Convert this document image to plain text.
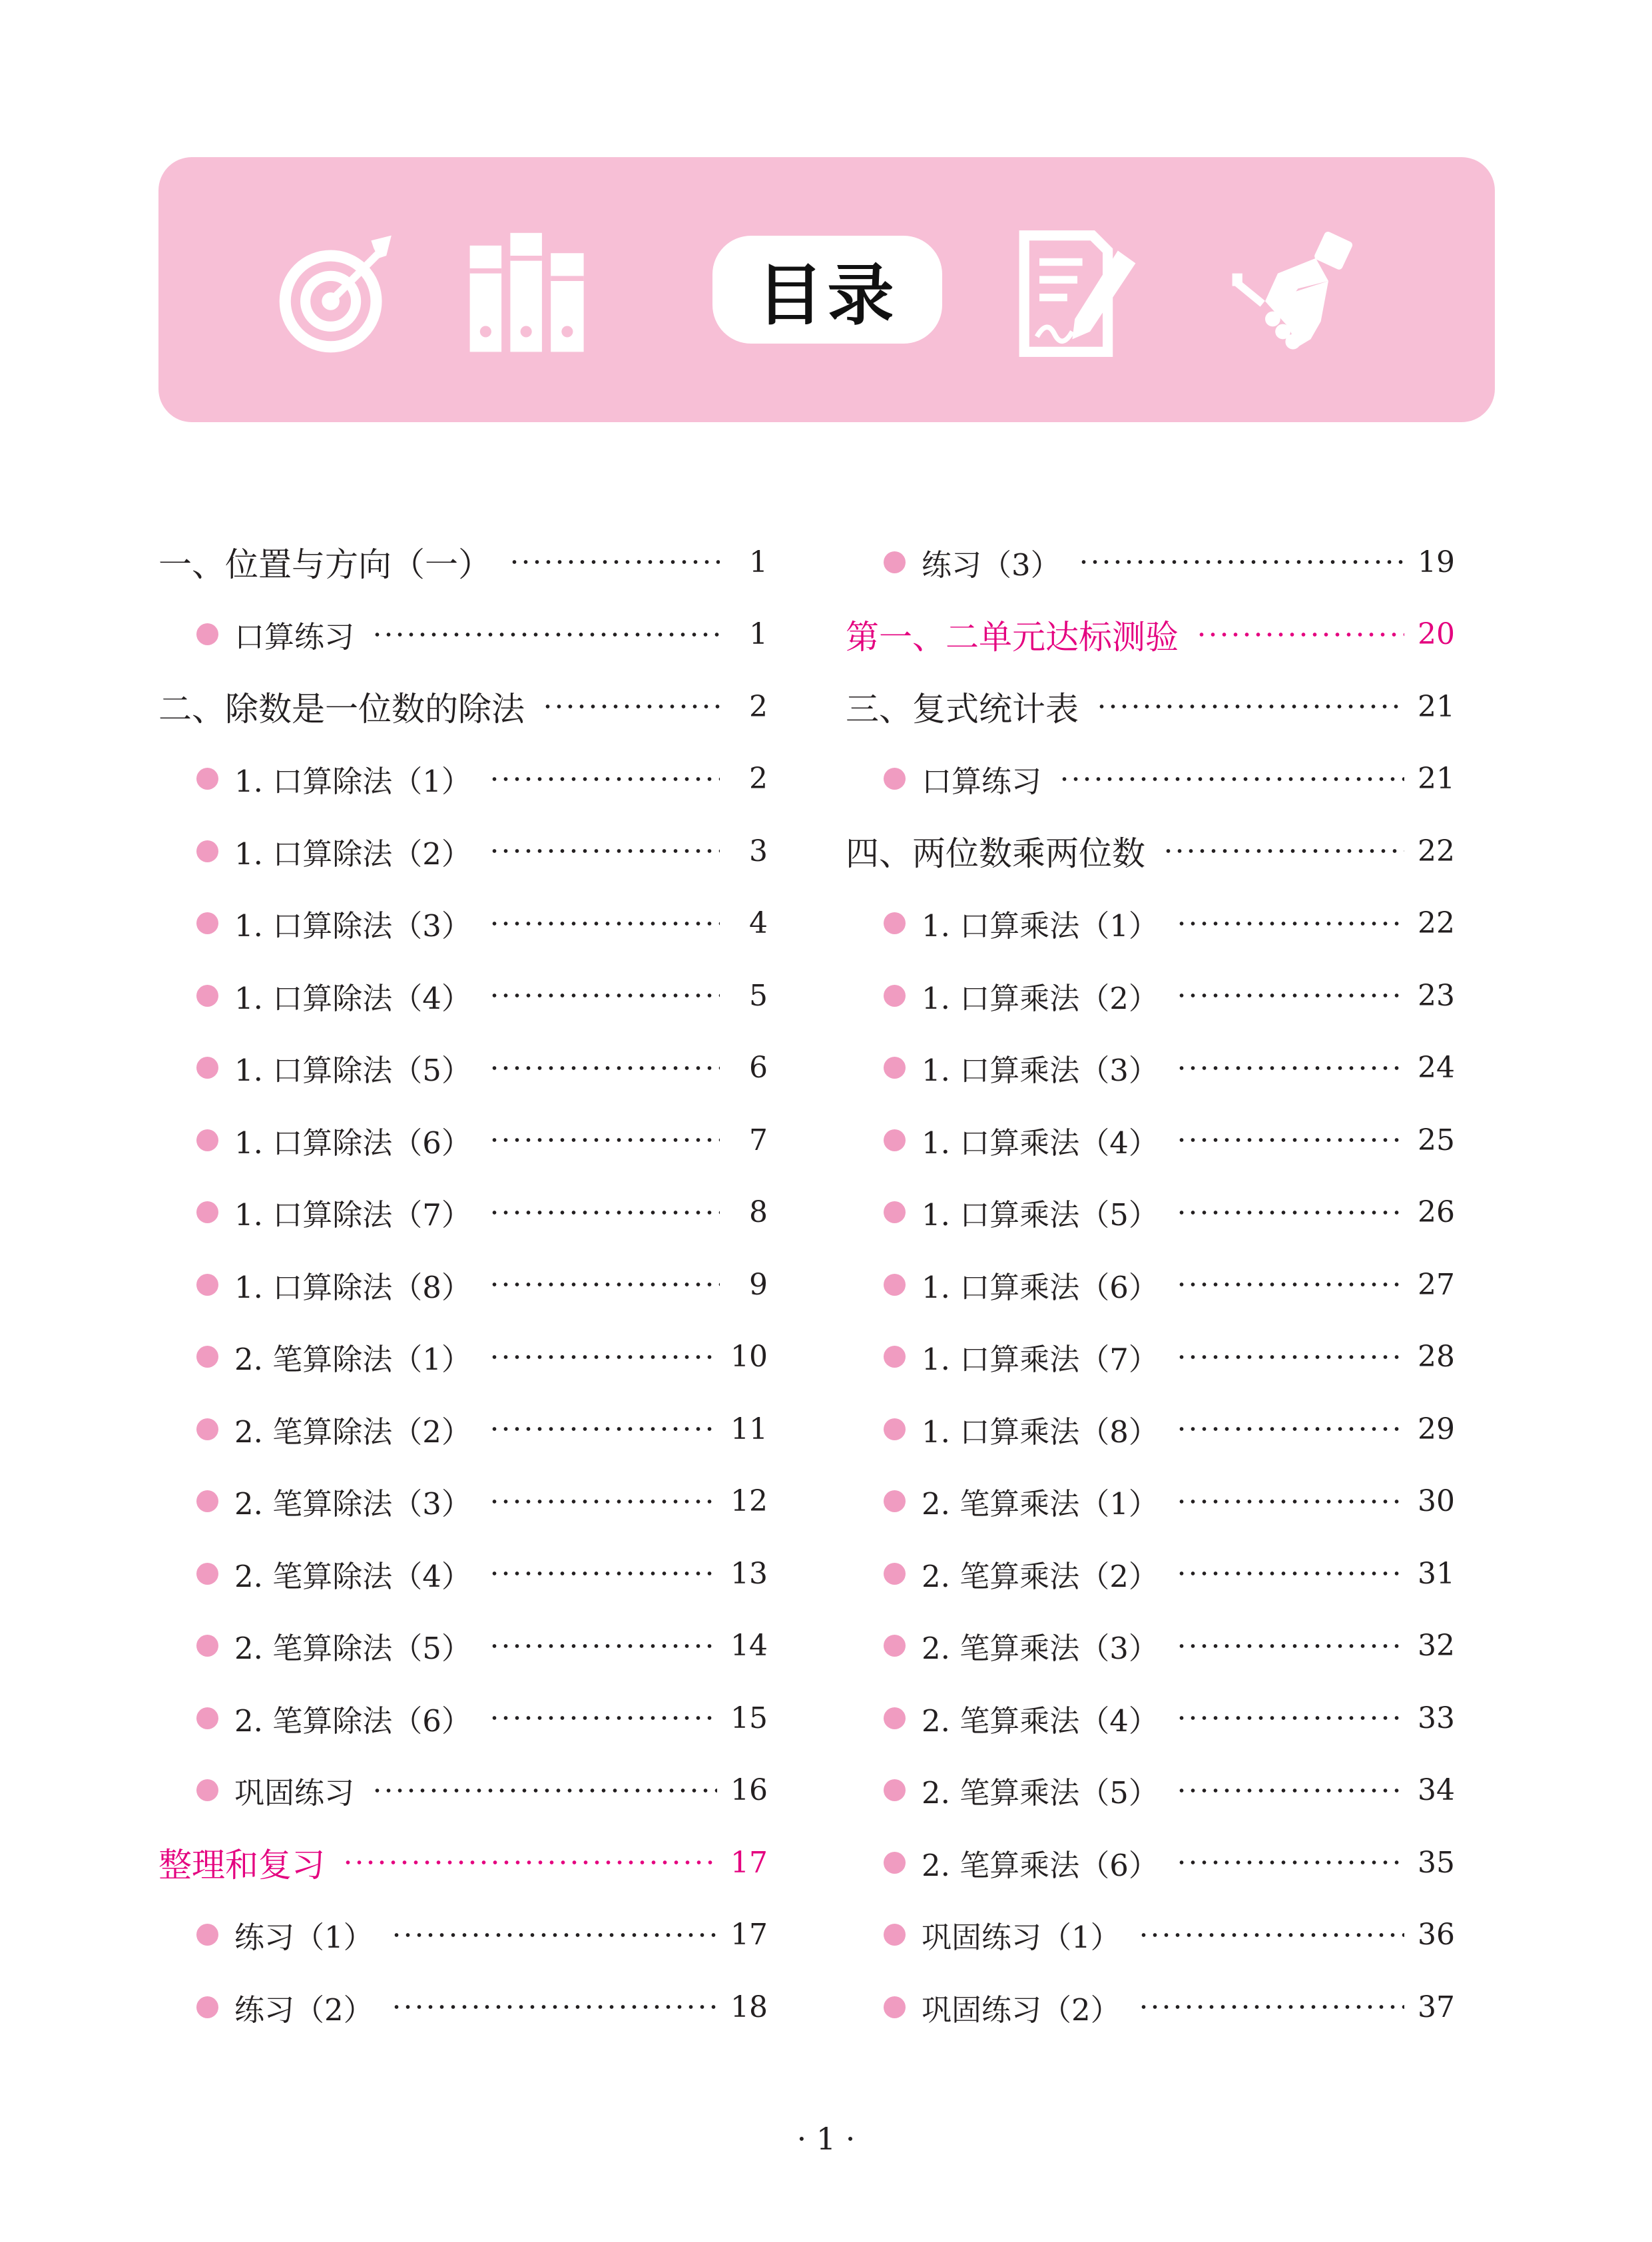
目录
一、位置与方向（一）	1
口算练习	1
二、除数是一位数的除法	2
1. 口算除法（1）	2
1. 口算除法（2）	3
1. 口算除法（3）	4
1. 口算除法（4）	5
1. 口算除法（5）	6
1. 口算除法（6）	7
1. 口算除法（7）	8
1. 口算除法（8）	9
2. 笔算除法（1）	10
2. 笔算除法（2）	11
2. 笔算除法（3）	12
2. 笔算除法（4）	13
2. 笔算除法（5）	14
2. 笔算除法（6）	15
巩固练习	16
整理和复习	17
练习（1）	17
练习（2）	18
练习（3）	19
第一、二单元达标测验	20
三、复式统计表	21
口算练习	21
四、两位数乘两位数	22
1. 口算乘法（1）	22
1. 口算乘法（2）	23
1. 口算乘法（3）	24
1. 口算乘法（4）	25
1. 口算乘法（5）	26
1. 口算乘法（6）	27
1. 口算乘法（7）	28
1. 口算乘法（8）	29
2. 笔算乘法（1）	30
2. 笔算乘法（2）	31
2. 笔算乘法（3）	32
2. 笔算乘法（4）	33
2. 笔算乘法（5）	34
2. 笔算乘法（6）	35
巩固练习（1）	36
巩固练习（2）	37
· 1 ·
